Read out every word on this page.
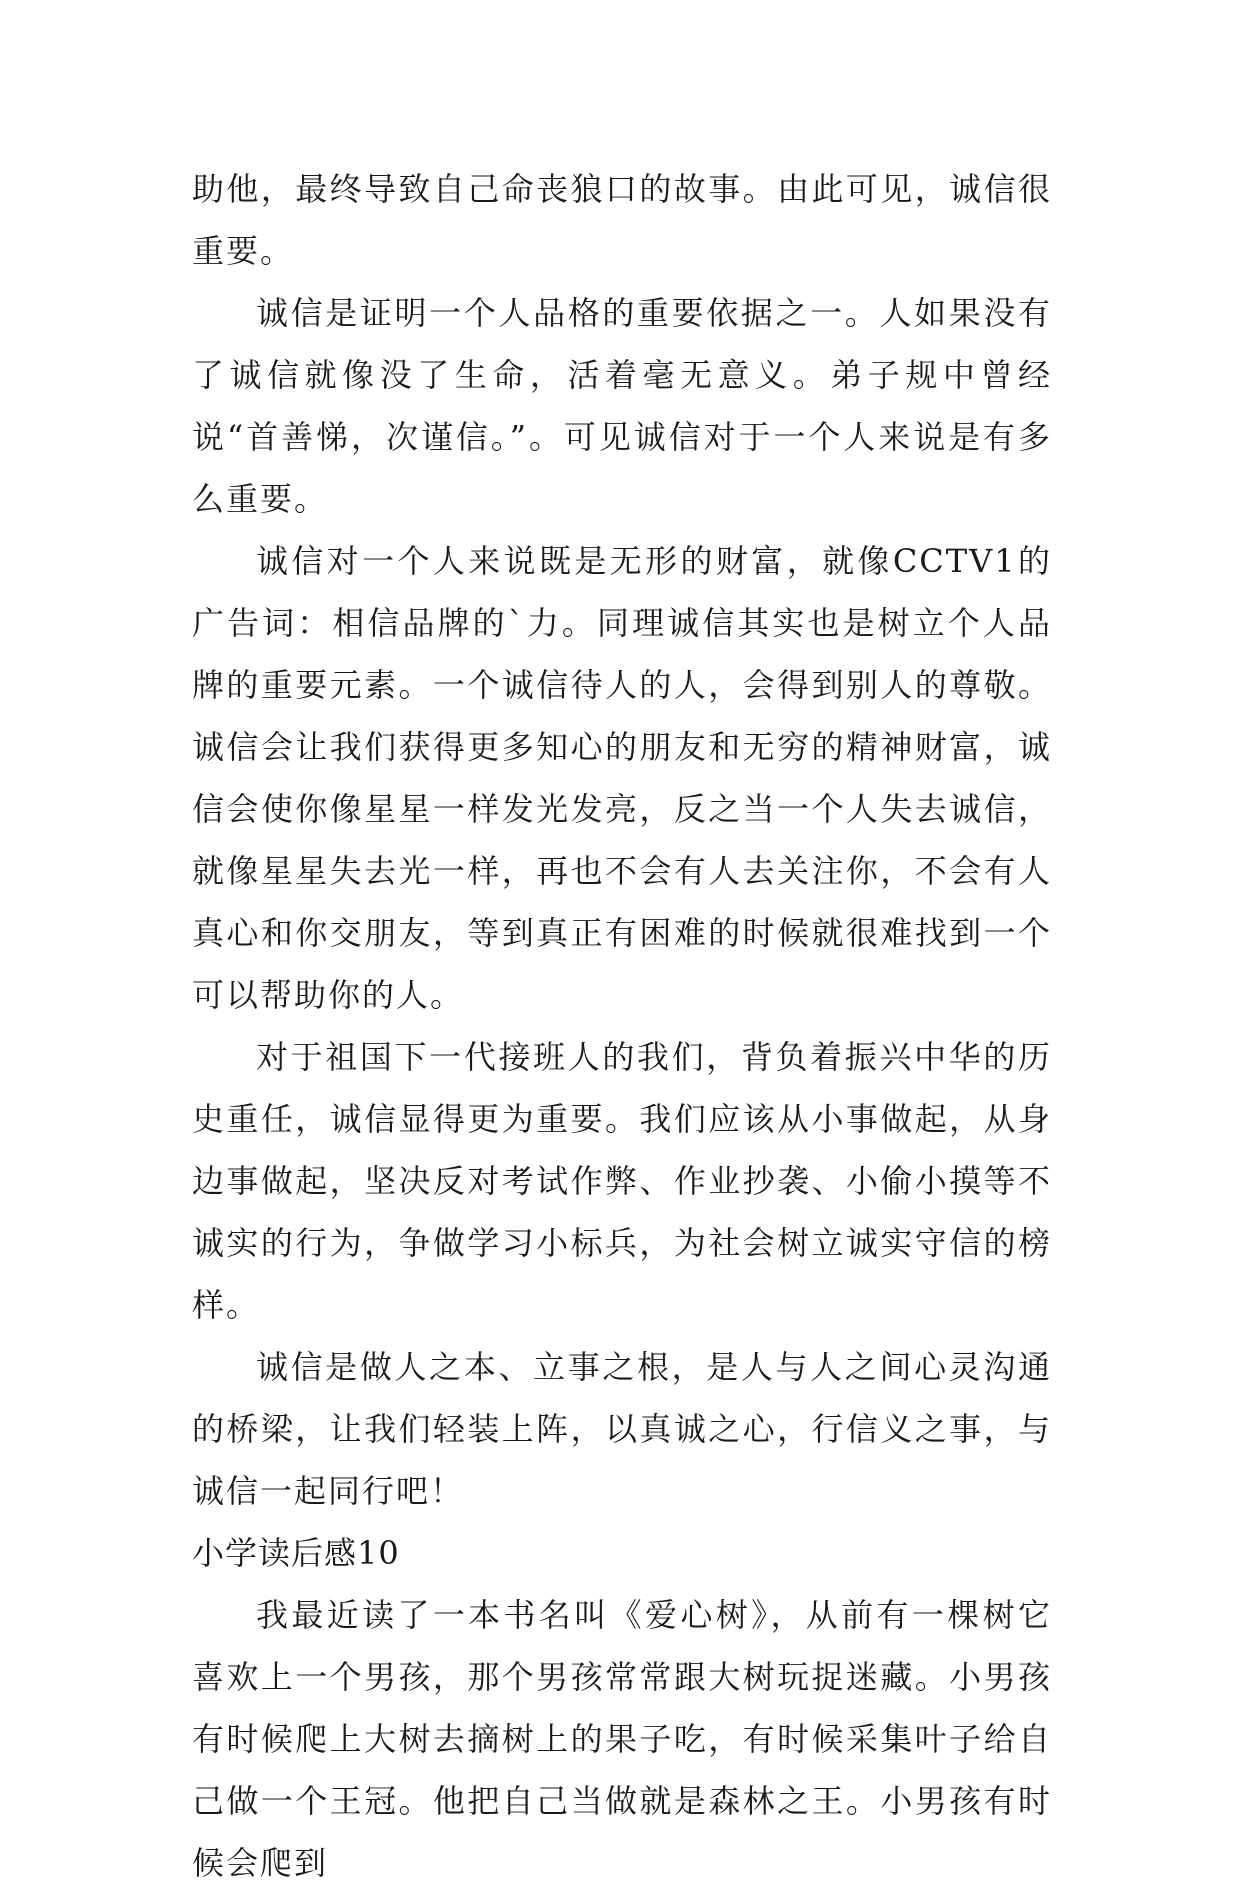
助他，最终导致自己命丧狼口的故事。由此可见，诚信很重要。

诚信是证明一个人品格的重要依据之一。人如果没有了诚信就像没了生命，活着毫无意义。弟子规中曾经说“首善悌，次谨信。”。可见诚信对于一个人来说是有多么重要。

诚信对一个人来说既是无形的财富，就像CCTV1的广告词：相信品牌的`力。同理诚信其实也是树立个人品牌的重要元素。一个诚信待人的人，会得到别人的尊敬。诚信会让我们获得更多知心的朋友和无穷的精神财富，诚信会使你像星星一样发光发亮，反之当一个人失去诚信，就像星星失去光一样，再也不会有人去关注你，不会有人真心和你交朋友，等到真正有困难的时候就很难找到一个可以帮助你的人。

对于祖国下一代接班人的我们，背负着振兴中华的历史重任，诚信显得更为重要。我们应该从小事做起，从身边事做起，坚决反对考试作弊、作业抄袭、小偷小摸等不诚实的行为，争做学习小标兵，为社会树立诚实守信的榜样。

诚信是做人之本、立事之根，是人与人之间心灵沟通的桥梁，让我们轻装上阵，以真诚之心，行信义之事，与诚信一起同行吧！

小学读后感10

我最近读了一本书名叫《爱心树》，从前有一棵树它喜欢上一个男孩，那个男孩常常跟大树玩捉迷藏。小男孩有时候爬上大树去摘树上的果子吃，有时候采集叶子给自己做一个王冠。他把自己当做就是森林之王。小男孩有时候会爬到
